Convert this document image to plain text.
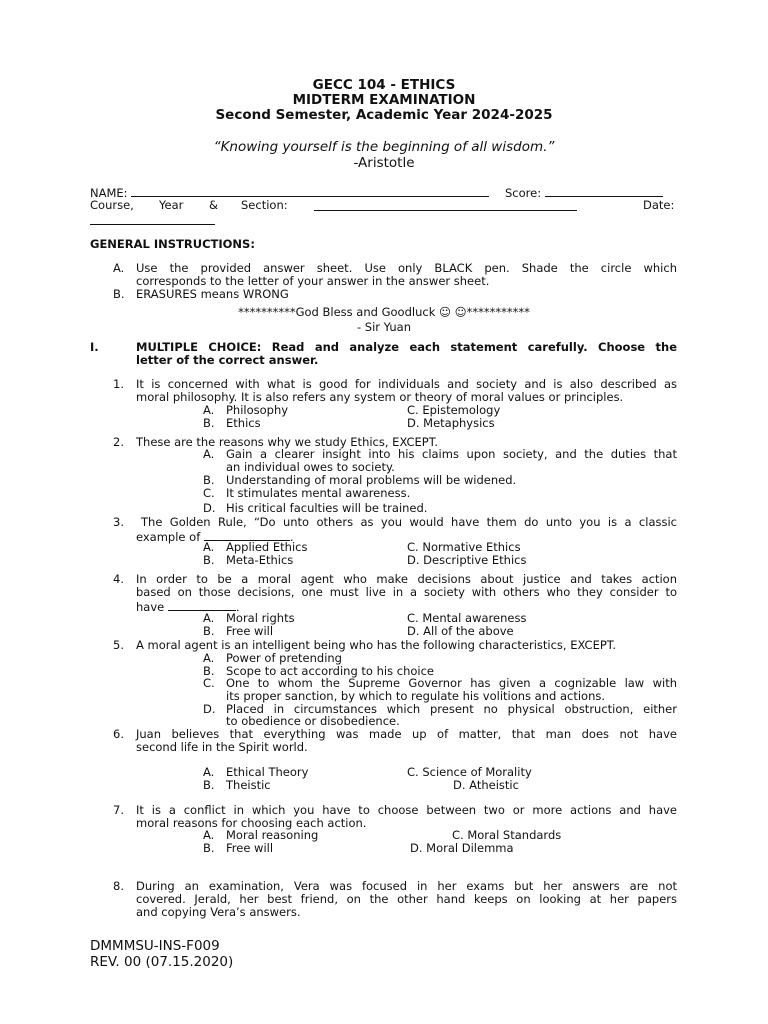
GECC 104 - ETHICS
MIDTERM EXAMINATION
Second Semester, Academic Year 2024-2025
“Knowing yourself is the beginning of all wisdom.”
-Aristotle
NAME:	Score:
Course, Year & Section:	Date:
GENERAL INSTRUCTIONS:
A. Use the provided answer sheet. Use only BLACK pen. Shade the circle which
corresponds to the letter of your answer in the answer sheet.
B. ERASURES means WRONG
**********God Bless and Goodluck ☺ ☺***********
- Sir Yuan
I.	MULTIPLE CHOICE: Read and analyze each statement carefully. Choose the
letter of the correct answer.
1. It is concerned with what is good for individuals and society and is also described as
moral philosophy. It is also refers any system or theory of moral values or principles.
A. Philosophy	C. Epistemology
B. Ethics	D. Metaphysics
2. These are the reasons why we study Ethics, EXCEPT.
A. Gain a clearer insight into his claims upon society, and the duties that
an individual owes to society.
B. Understanding of moral problems will be widened.
C. It stimulates mental awareness.
D. His critical faculties will be trained.
3. The Golden Rule, “Do unto others as you would have them do unto you is a classic
example of	.
A. Applied Ethics	C. Normative Ethics
B. Meta-Ethics	D. Descriptive Ethics
4. In order to be a moral agent who make decisions about justice and takes action
based on those decisions, one must live in a society with others who they consider to
have	.
A. Moral rights	C. Mental awareness
B. Free will	D. All of the above
5. A moral agent is an intelligent being who has the following characteristics, EXCEPT.
A. Power of pretending
B. Scope to act according to his choice
C. One to whom the Supreme Governor has given a cognizable law with
its proper sanction, by which to regulate his volitions and actions.
D. Placed in circumstances which present no physical obstruction, either
to obedience or disobedience.
6. Juan believes that everything was made up of matter, that man does not have
second life in the Spirit world.
A. Ethical Theory	C. Science of Morality
B. Theistic	D. Atheistic
7. It is a conflict in which you have to choose between two or more actions and have
moral reasons for choosing each action.
A. Moral reasoning	C. Moral Standards
B. Free will	D. Moral Dilemma
8. During an examination, Vera was focused in her exams but her answers are not
covered. Jerald, her best friend, on the other hand keeps on looking at her papers
and copying Vera’s answers.
DMMMSU-INS-F009
REV. 00 (07.15.2020)
